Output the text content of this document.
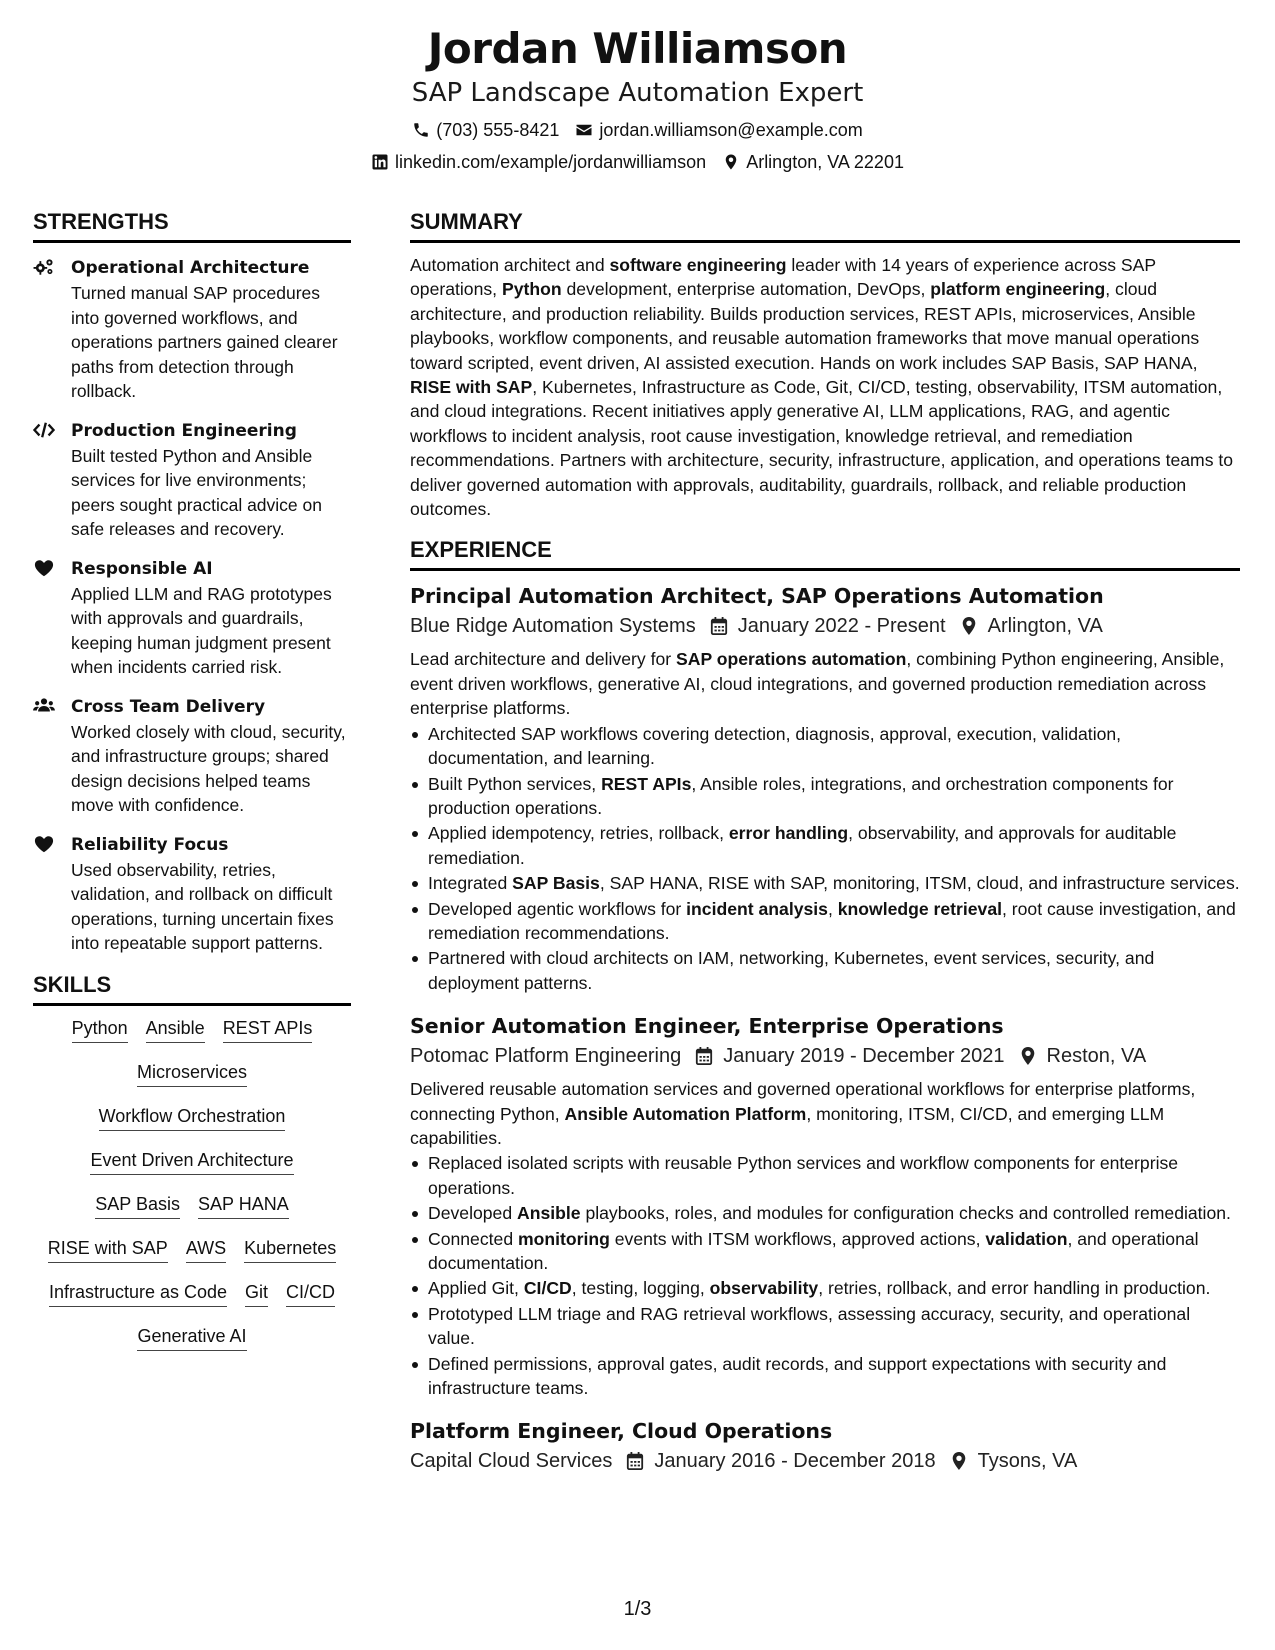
Jordan Williamson
SAP Landscape Automation Expert
(703) 555-8421 jordan.williamson@example.com
linkedin.com/example/jordanwilliamson Arlington, VA 22201
STRENGTHS
Operational Architecture
Turned manual SAP procedures into governed workflows, and operations partners gained clearer paths from detection through rollback.
Production Engineering
Built tested Python and Ansible services for live environments; peers sought practical advice on safe releases and recovery.
Responsible AI
Applied LLM and RAG prototypes with approvals and guardrails, keeping human judgment present when incidents carried risk.
Cross Team Delivery
Worked closely with cloud, security, and infrastructure groups; shared design decisions helped teams move with confidence.
Reliability Focus
Used observability, retries, validation, and rollback on difficult operations, turning uncertain fixes into repeatable support patterns.
SKILLS
Python Ansible REST APIs
Microservices
Workflow Orchestration
Event Driven Architecture
SAP Basis SAP HANA
RISE with SAP AWS Kubernetes
Infrastructure as Code Git CI/CD
Generative AI
SUMMARY
Automation architect and software engineering leader with 14 years of experience across SAP operations, Python development, enterprise automation, DevOps, platform engineering, cloud architecture, and production reliability. Builds production services, REST APIs, microservices, Ansible playbooks, workflow components, and reusable automation frameworks that move manual operations toward scripted, event driven, AI assisted execution. Hands on work includes SAP Basis, SAP HANA, RISE with SAP, Kubernetes, Infrastructure as Code, Git, CI/CD, testing, observability, ITSM automation, and cloud integrations. Recent initiatives apply generative AI, LLM applications, RAG, and agentic workflows to incident analysis, root cause investigation, knowledge retrieval, and remediation recommendations. Partners with architecture, security, infrastructure, application, and operations teams to deliver governed automation with approvals, auditability, guardrails, rollback, and reliable production outcomes.
EXPERIENCE
Principal Automation Architect, SAP Operations Automation
Blue Ridge Automation Systems January 2022 - Present Arlington, VA
Lead architecture and delivery for SAP operations automation, combining Python engineering, Ansible, event driven workflows, generative AI, cloud integrations, and governed production remediation across enterprise platforms.
Architected SAP workflows covering detection, diagnosis, approval, execution, validation, documentation, and learning.
Built Python services, REST APIs, Ansible roles, integrations, and orchestration components for production operations.
Applied idempotency, retries, rollback, error handling, observability, and approvals for auditable remediation.
Integrated SAP Basis, SAP HANA, RISE with SAP, monitoring, ITSM, cloud, and infrastructure services.
Developed agentic workflows for incident analysis, knowledge retrieval, root cause investigation, and remediation recommendations.
Partnered with cloud architects on IAM, networking, Kubernetes, event services, security, and deployment patterns.
Senior Automation Engineer, Enterprise Operations
Potomac Platform Engineering January 2019 - December 2021 Reston, VA
Delivered reusable automation services and governed operational workflows for enterprise platforms, connecting Python, Ansible Automation Platform, monitoring, ITSM, CI/CD, and emerging LLM capabilities.
Replaced isolated scripts with reusable Python services and workflow components for enterprise operations.
Developed Ansible playbooks, roles, and modules for configuration checks and controlled remediation.
Connected monitoring events with ITSM workflows, approved actions, validation, and operational documentation.
Applied Git, CI/CD, testing, logging, observability, retries, rollback, and error handling in production.
Prototyped LLM triage and RAG retrieval workflows, assessing accuracy, security, and operational value.
Defined permissions, approval gates, audit records, and support expectations with security and infrastructure teams.
Platform Engineer, Cloud Operations
Capital Cloud Services January 2016 - December 2018 Tysons, VA
1/3
